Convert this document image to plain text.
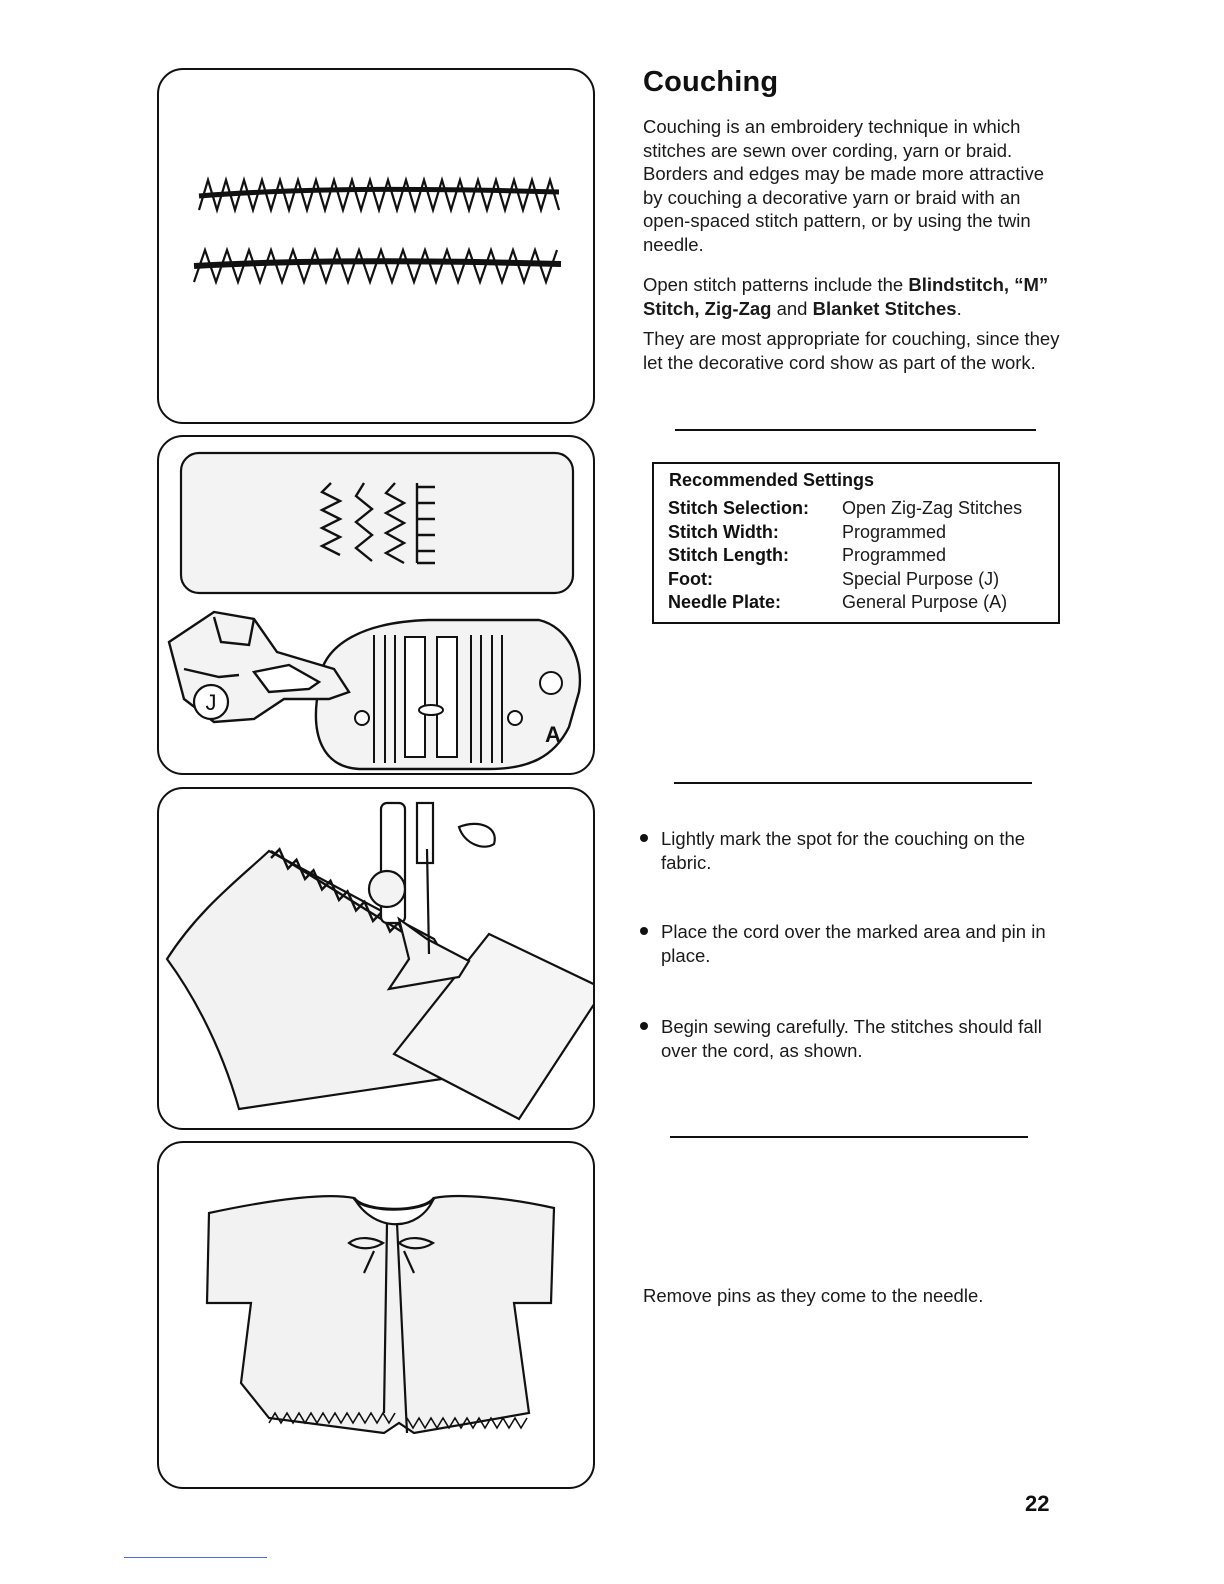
J
A
Couching

Couching is an embroidery technique in which stitches are sewn over cording, yarn or braid. Borders and edges may be made more attractive by couching a decorative yarn or braid with an open-spaced stitch pattern, or by using the twin needle.

Open stitch patterns include the Blindstitch, “M” Stitch, Zig-Zag and Blanket Stitches.

They are most appropriate for couching, since they let the decorative cord show as part of the work.

Recommended Settings
Stitch Selection:	Open Zig-Zag Stitches
Stitch Width:	Programmed
Stitch Length:	Programmed
Foot:	Special Purpose (J)
Needle Plate:	General Purpose (A)
Lightly mark the spot for the couching on the fabric.
Place the cord over the marked area and pin in place.
Begin sewing carefully. The stitches should fall over the cord, as shown.
Remove pins as they come to the needle.
22
